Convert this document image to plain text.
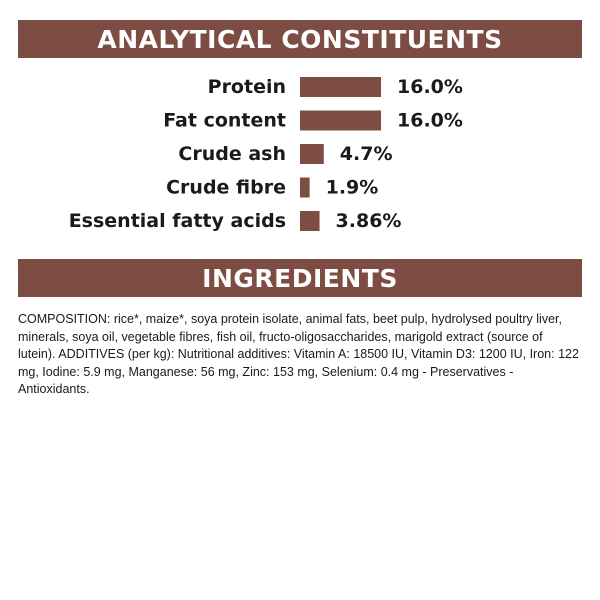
ANALYTICAL CONSTITUENTS
Protein	16.0%
Fat content	16.0%
Crude ash	4.7%
Crude fibre 1.9%
Essential fatty acids	3.86%
INGREDIENTS

COMPOSITION: rice*, maize*, soya protein isolate, animal fats, beet pulp, hydrolysed poultry liver, minerals, soya oil, vegetable fibres, fish oil, fructo-oligosaccharides, marigold extract (source of lutein). ADDITIVES (per kg): Nutritional additives: Vitamin A: 18500 IU, Vitamin D3: 1200 IU, Iron: 122 mg, Iodine: 5.9 mg, Manganese: 56 mg, Zinc: 153 mg, Selenium: 0.4 mg - Preservatives - Antioxidants.
